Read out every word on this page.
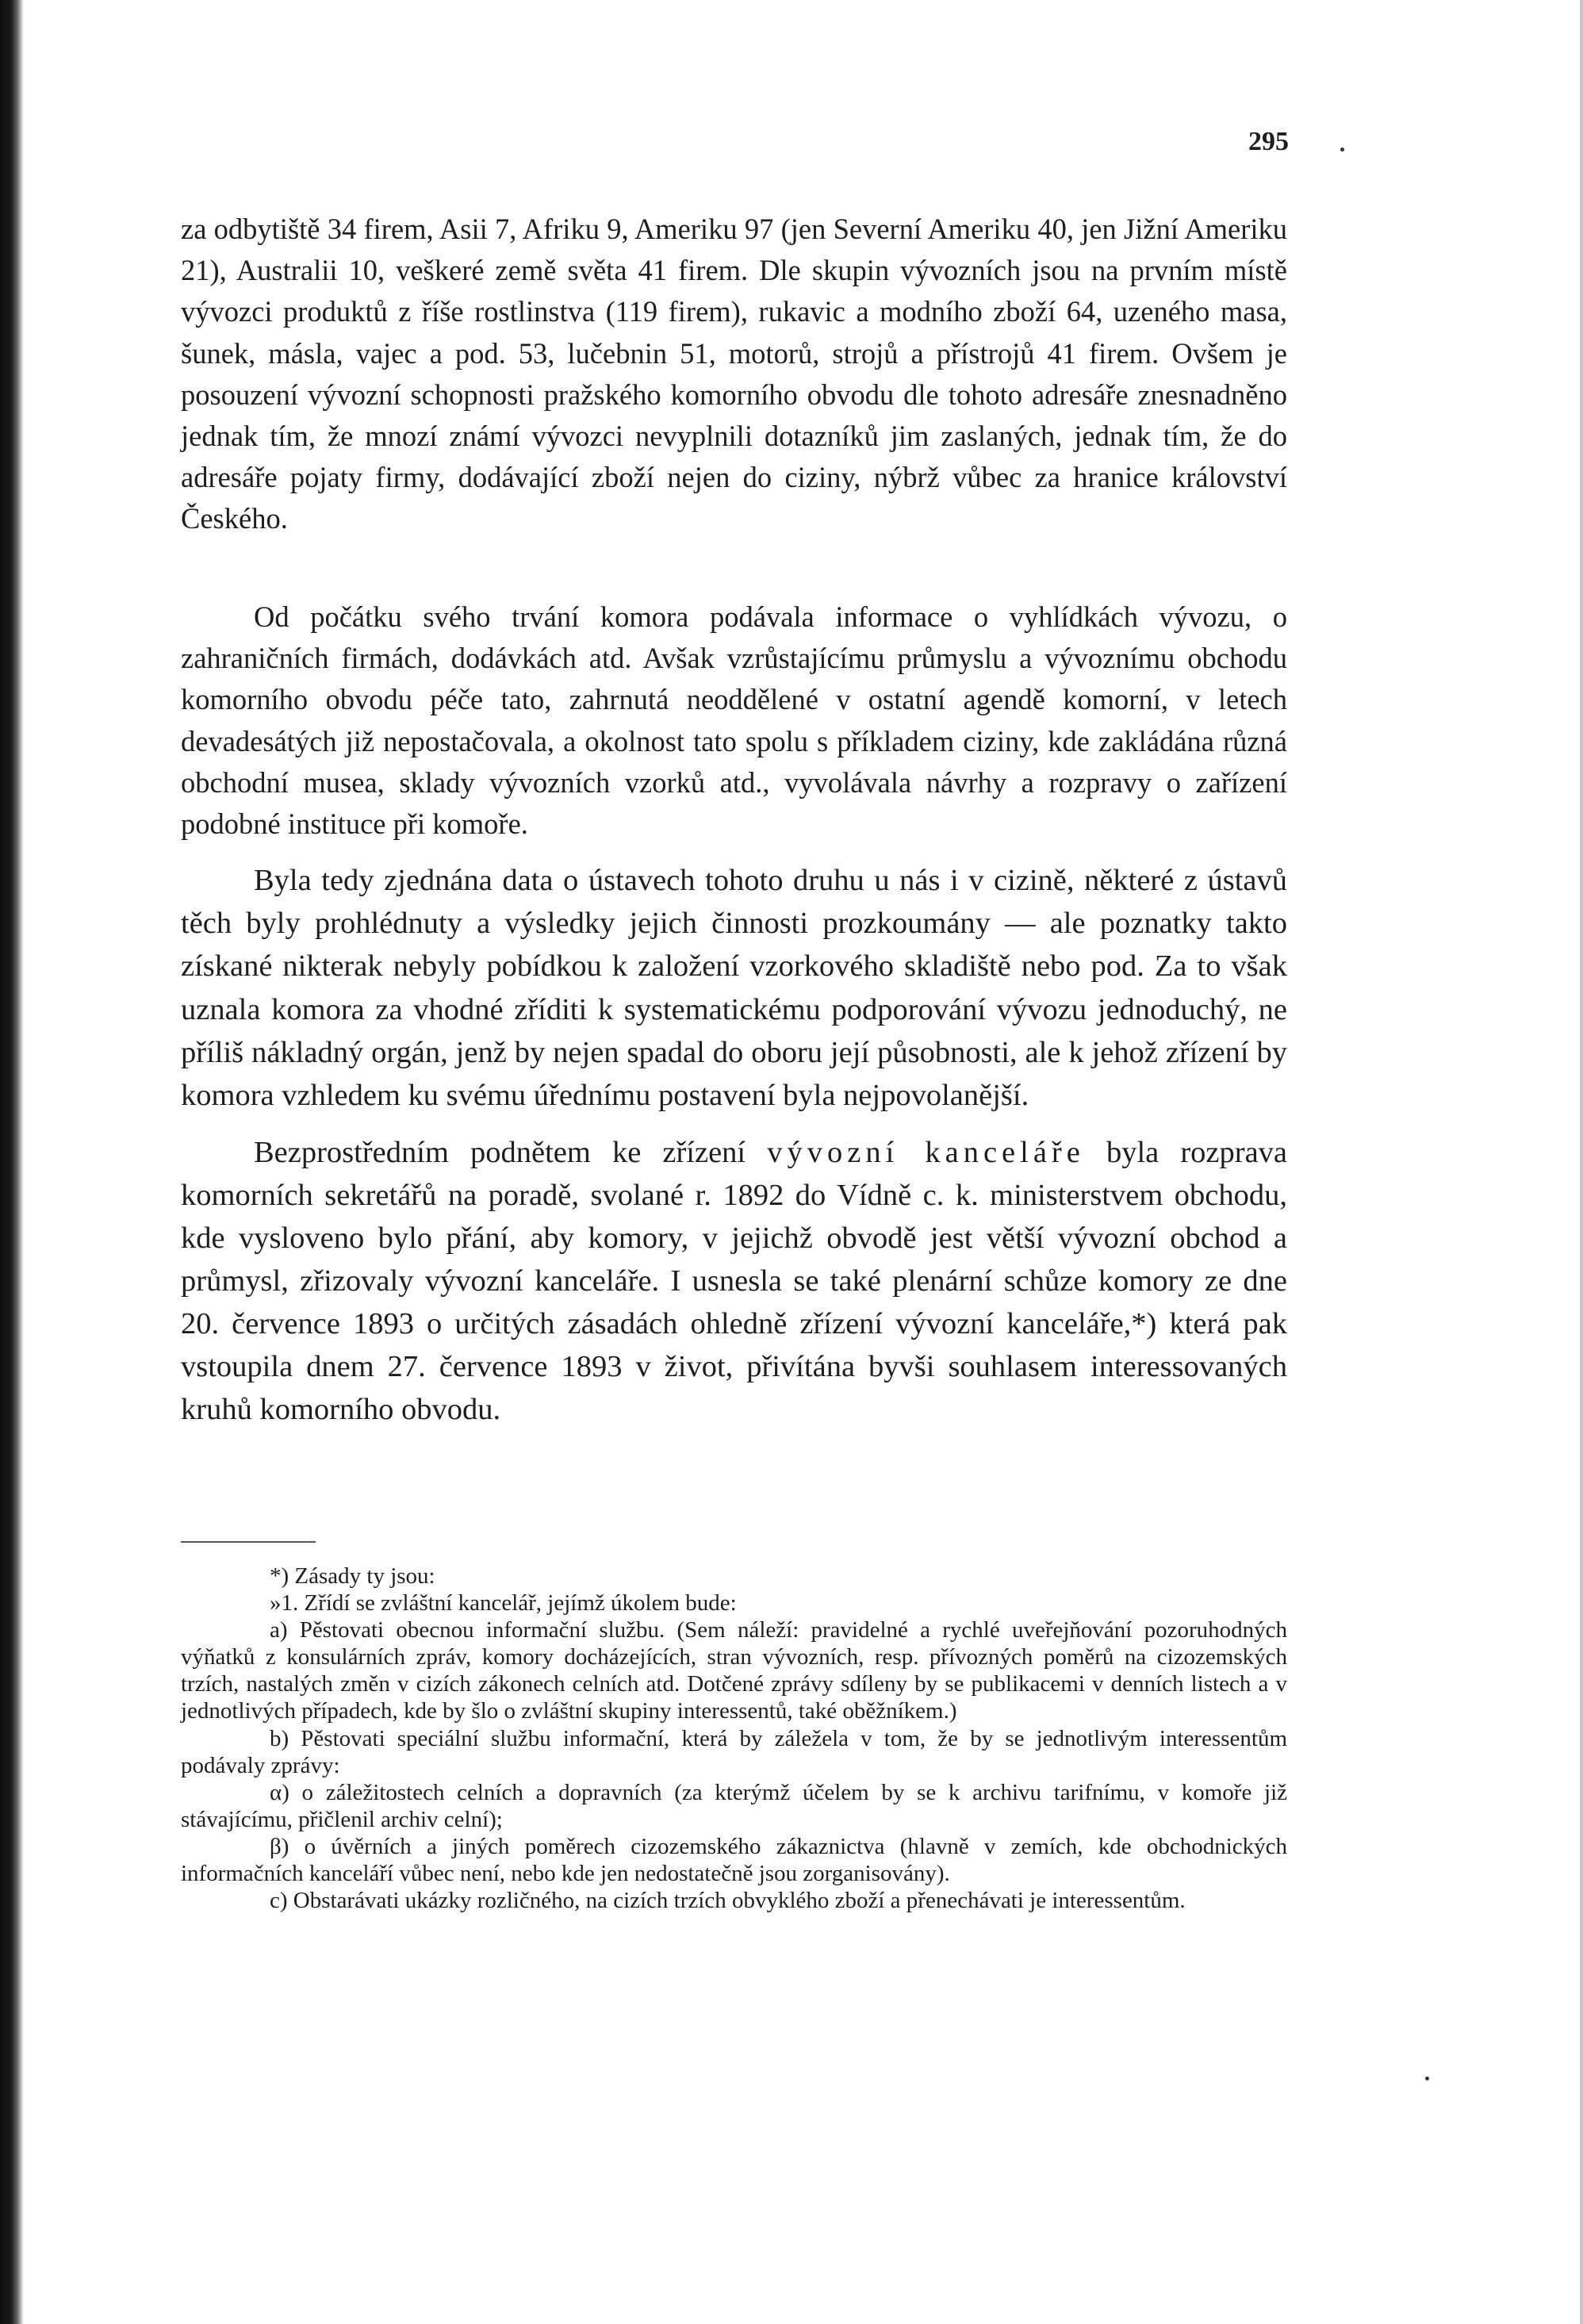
295

za odbytiště 34 firem, Asii 7, Afriku 9, Ameriku 97 (jen Severní Ameriku 40, jen Jižní Ameriku 21), Australii 10, veškeré země světa 41 firem. Dle skupin vývozních jsou na prvním místě vývozci produktů z říše rostlinstva (119 firem), rukavic a modního zboží 64, uzeného masa, šunek, másla, vajec a pod. 53, lučebnin 51, motorů, strojů a přístrojů 41 firem. Ovšem je posouzení vývozní schopnosti pražského komorního obvodu dle tohoto adresáře znesnadněno jednak tím, že mnozí známí vývozci nevyplnili dotazníků jim zaslaných, jednak tím, že do adresáře pojaty firmy, dodávající zboží nejen do ciziny, nýbrž vůbec za hranice království Českého.

Od počátku svého trvání komora podávala informace o vyhlídkách vývozu, o zahraničních firmách, dodávkách atd. Avšak vzrůstajícímu průmyslu a vývoznímu obchodu komorního obvodu péče tato, zahrnutá neoddělené v ostatní agendě komorní, v letech devadesátých již nepostačovala, a okolnost tato spolu s příkladem ciziny, kde zakládána různá obchodní musea, sklady vývozních vzorků atd., vyvolávala návrhy a rozpravy o zařízení podobné instituce při komoře.

Byla tedy zjednána data o ústavech tohoto druhu u nás i v cizině, některé z ústavů těch byly prohlédnuty a výsledky jejich činnosti prozkoumány — ale poznatky takto získané nikterak nebyly pobídkou k založení vzorkového skladiště nebo pod. Za to však uznala komora za vhodné zříditi k systematickému podporování vývozu jednoduchý, ne příliš nákladný orgán, jenž by nejen spadal do oboru její působnosti, ale k jehož zřízení by komora vzhledem ku svému úřednímu postavení byla nejpovolanější.

Bezprostředním podnětem ke zřízení vývozní kanceláře byla rozprava komorních sekretářů na poradě, svolané r. 1892 do Vídně c. k. ministerstvem obchodu, kde vysloveno bylo přání, aby komory, v jejichž obvodě jest větší vývozní obchod a průmysl, zřizovaly vývozní kanceláře. I usnesla se také plenární schůze komory ze dne 20. července 1893 o určitých zásadách ohledně zřízení vývozní kanceláře,*) která pak vstoupila dnem 27. července 1893 v život, přivítána byvši souhlasem interessovaných kruhů komorního obvodu.

*) Zásady ty jsou:

»1. Zřídí se zvláštní kancelář, jejímž úkolem bude:

a) Pěstovati obecnou informační službu. (Sem náleží: pravidelné a rychlé uveřejňování pozoruhodných výňatků z konsulárních zpráv, komory docházejících, stran vývozních, resp. přívozných poměrů na cizozemských trzích, nastalých změn v cizích zákonech celních atd. Dotčené zprávy sdíleny by se publikacemi v denních listech a v jednotlivých případech, kde by šlo o zvláštní skupiny interessentů, také oběžníkem.)

b) Pěstovati speciální službu informační, která by záležela v tom, že by se jednotlivým interessentům podávaly zprávy:

α) o záležitostech celních a dopravních (za kterýmž účelem by se k archivu tarifnímu, v komoře již stávajícímu, přičlenil archiv celní);

β) o úvěrních a jiných poměrech cizozemského zákaznictva (hlavně v zemích, kde obchodnických informačních kanceláří vůbec není, nebo kde jen nedostatečně jsou zorganisovány).

c) Obstarávati ukázky rozličného, na cizích trzích obvyklého zboží a přenechávati je interessentům.
